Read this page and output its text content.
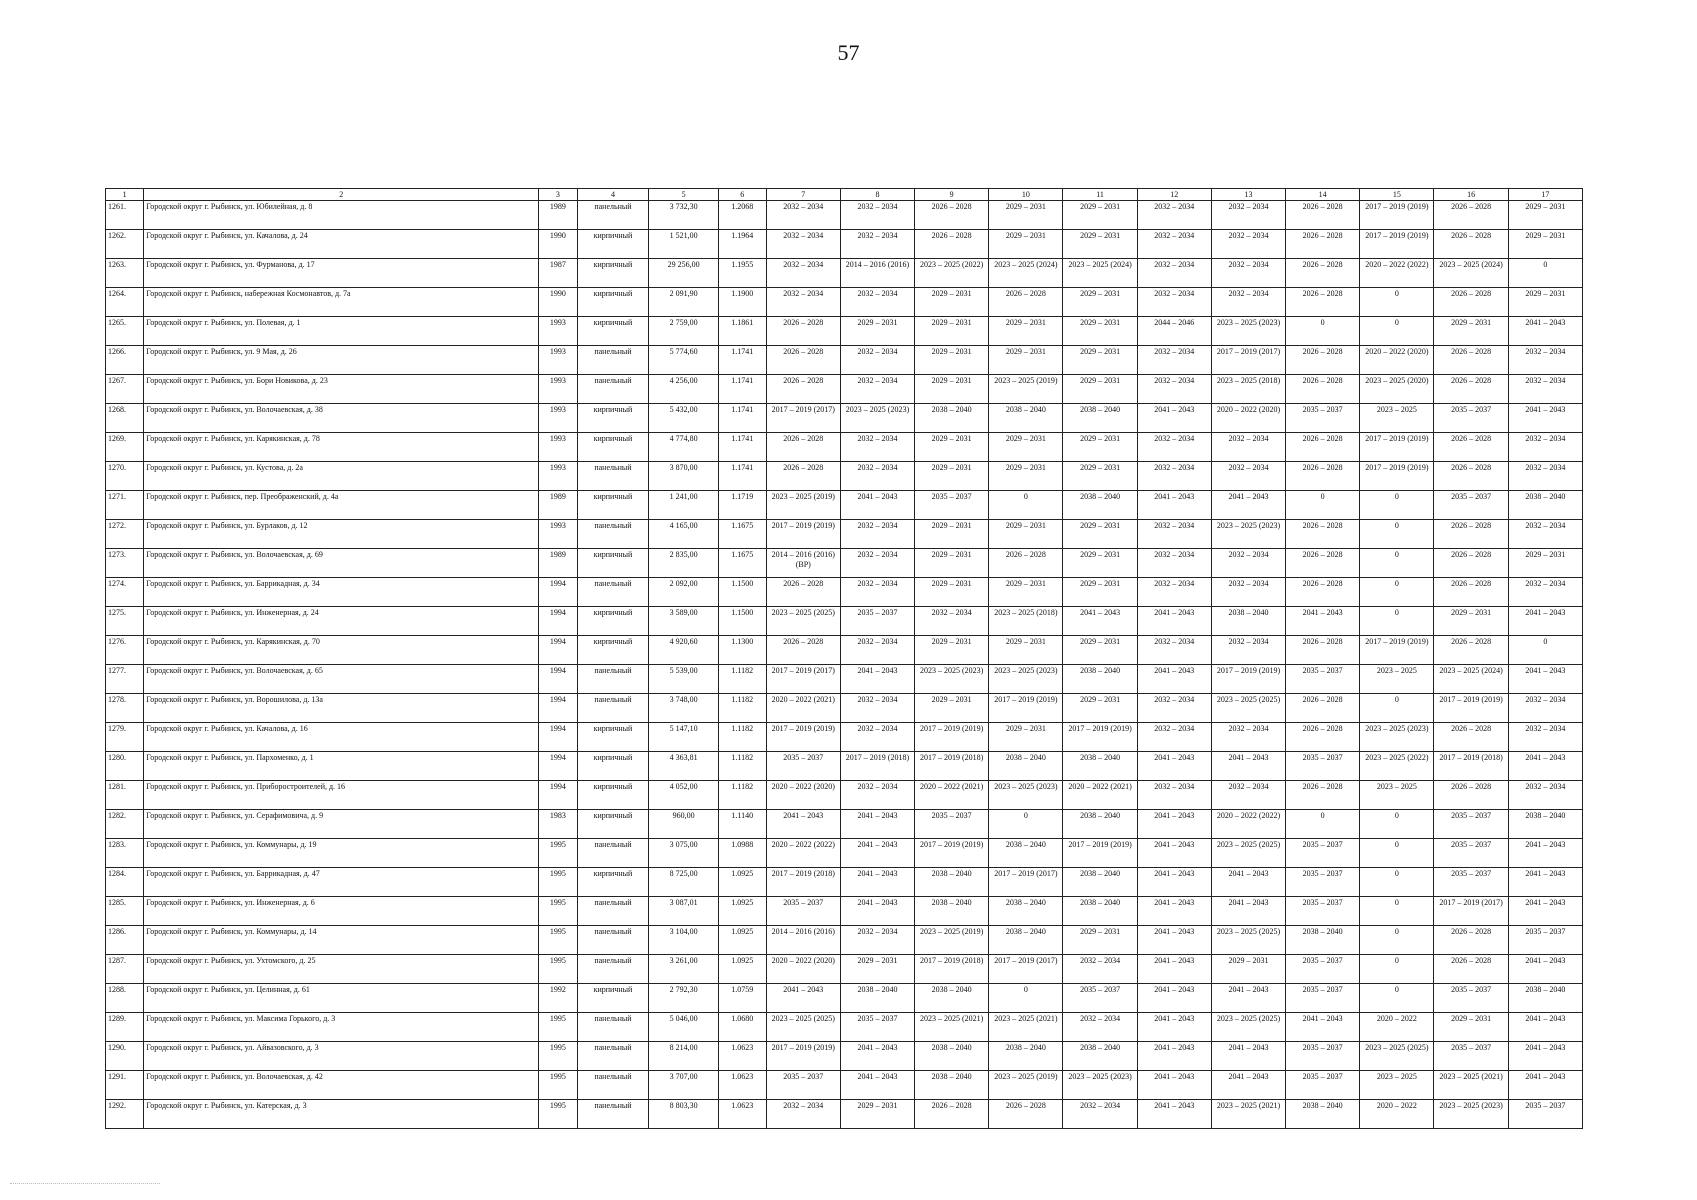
57
1	2	3	4	5	6	7	8	9	10	11	12	13	14	15	16	17
1261.	Городской округ г. Рыбинск, ул. Юбилейная, д. 8	1989	панельный	3 732,30	1.2068	2032 – 2034	2032 – 2034	2026 – 2028	2029 – 2031	2029 – 2031	2032 – 2034	2032 – 2034	2026 – 2028	2017 – 2019 (2019)	2026 – 2028	2029 – 2031
1262.	Городской округ г. Рыбинск, ул. Качалова, д. 24	1990	кирпичный	1 521,00	1.1964	2032 – 2034	2032 – 2034	2026 – 2028	2029 – 2031	2029 – 2031	2032 – 2034	2032 – 2034	2026 – 2028	2017 – 2019 (2019)	2026 – 2028	2029 – 2031
1263.	Городской округ г. Рыбинск, ул. Фурманова, д. 17	1987	кирпичный	29 256,00	1.1955	2032 – 2034	2014 – 2016 (2016)	2023 – 2025 (2022)	2023 – 2025 (2024)	2023 – 2025 (2024)	2032 – 2034	2032 – 2034	2026 – 2028	2020 – 2022 (2022)	2023 – 2025 (2024)	0
1264.	Городской округ г. Рыбинск, набережная Космонавтов, д. 7а	1990	кирпичный	2 091,90	1.1900	2032 – 2034	2032 – 2034	2029 – 2031	2026 – 2028	2029 – 2031	2032 – 2034	2032 – 2034	2026 – 2028	0	2026 – 2028	2029 – 2031
1265.	Городской округ г. Рыбинск, ул. Полевая, д. 1	1993	кирпичный	2 759,00	1.1861	2026 – 2028	2029 – 2031	2029 – 2031	2029 – 2031	2029 – 2031	2044 – 2046	2023 – 2025 (2023)	0	0	2029 – 2031	2041 – 2043
1266.	Городской округ г. Рыбинск, ул. 9 Мая, д. 26	1993	панельный	5 774,60	1.1741	2026 – 2028	2032 – 2034	2029 – 2031	2029 – 2031	2029 – 2031	2032 – 2034	2017 – 2019 (2017)	2026 – 2028	2020 – 2022 (2020)	2026 – 2028	2032 – 2034
1267.	Городской округ г. Рыбинск, ул. Бори Новикова, д. 23	1993	панельный	4 256,00	1.1741	2026 – 2028	2032 – 2034	2029 – 2031	2023 – 2025 (2019)	2029 – 2031	2032 – 2034	2023 – 2025 (2018)	2026 – 2028	2023 – 2025 (2020)	2026 – 2028	2032 – 2034
1268.	Городской округ г. Рыбинск, ул. Волочаевская, д. 38	1993	кирпичный	5 432,00	1.1741	2017 – 2019 (2017)	2023 – 2025 (2023)	2038 – 2040	2038 – 2040	2038 – 2040	2041 – 2043	2020 – 2022 (2020)	2035 – 2037	2023 – 2025	2035 – 2037	2041 – 2043
1269.	Городской округ г. Рыбинск, ул. Карякинская, д. 78	1993	кирпичный	4 774,80	1.1741	2026 – 2028	2032 – 2034	2029 – 2031	2029 – 2031	2029 – 2031	2032 – 2034	2032 – 2034	2026 – 2028	2017 – 2019 (2019)	2026 – 2028	2032 – 2034
1270.	Городской округ г. Рыбинск, ул. Кустова, д. 2а	1993	панельный	3 870,00	1.1741	2026 – 2028	2032 – 2034	2029 – 2031	2029 – 2031	2029 – 2031	2032 – 2034	2032 – 2034	2026 – 2028	2017 – 2019 (2019)	2026 – 2028	2032 – 2034
1271.	Городской округ г. Рыбинск, пер. Преображенский, д. 4а	1989	кирпичный	1 241,00	1.1719	2023 – 2025 (2019)	2041 – 2043	2035 – 2037	0	2038 – 2040	2041 – 2043	2041 – 2043	0	0	2035 – 2037	2038 – 2040
1272.	Городской округ г. Рыбинск, ул. Бурлаков, д. 12	1993	панельный	4 165,00	1.1675	2017 – 2019 (2019)	2032 – 2034	2029 – 2031	2029 – 2031	2029 – 2031	2032 – 2034	2023 – 2025 (2023)	2026 – 2028	0	2026 – 2028	2032 – 2034
1273.	Городской округ г. Рыбинск, ул. Волочаевская, д. 69	1989	кирпичный	2 835,00	1.1675	2014 – 2016 (2016) (ВР)	2032 – 2034	2029 – 2031	2026 – 2028	2029 – 2031	2032 – 2034	2032 – 2034	2026 – 2028	0	2026 – 2028	2029 – 2031
1274.	Городской округ г. Рыбинск, ул. Баррикадная, д. 34	1994	панельный	2 092,00	1.1500	2026 – 2028	2032 – 2034	2029 – 2031	2029 – 2031	2029 – 2031	2032 – 2034	2032 – 2034	2026 – 2028	0	2026 – 2028	2032 – 2034
1275.	Городской округ г. Рыбинск, ул. Инженерная, д. 24	1994	кирпичный	3 589,00	1.1500	2023 – 2025 (2025)	2035 – 2037	2032 – 2034	2023 – 2025 (2018)	2041 – 2043	2041 – 2043	2038 – 2040	2041 – 2043	0	2029 – 2031	2041 – 2043
1276.	Городской округ г. Рыбинск, ул. Карякинская, д. 70	1994	кирпичный	4 920,60	1.1300	2026 – 2028	2032 – 2034	2029 – 2031	2029 – 2031	2029 – 2031	2032 – 2034	2032 – 2034	2026 – 2028	2017 – 2019 (2019)	2026 – 2028	0
1277.	Городской округ г. Рыбинск, ул. Волочаевская, д. 65	1994	панельный	5 539,00	1.1182	2017 – 2019 (2017)	2041 – 2043	2023 – 2025 (2023)	2023 – 2025 (2023)	2038 – 2040	2041 – 2043	2017 – 2019 (2019)	2035 – 2037	2023 – 2025	2023 – 2025 (2024)	2041 – 2043
1278.	Городской округ г. Рыбинск, ул. Ворошилова, д. 13а	1994	панельный	3 748,00	1.1182	2020 – 2022 (2021)	2032 – 2034	2029 – 2031	2017 – 2019 (2019)	2029 – 2031	2032 – 2034	2023 – 2025 (2025)	2026 – 2028	0	2017 – 2019 (2019)	2032 – 2034
1279.	Городской округ г. Рыбинск, ул. Качалова, д. 16	1994	кирпичный	5 147,10	1.1182	2017 – 2019 (2019)	2032 – 2034	2017 – 2019 (2019)	2029 – 2031	2017 – 2019 (2019)	2032 – 2034	2032 – 2034	2026 – 2028	2023 – 2025 (2023)	2026 – 2028	2032 – 2034
1280.	Городской округ г. Рыбинск, ул. Пархоменко, д. 1	1994	кирпичный	4 363,81	1.1182	2035 – 2037	2017 – 2019 (2018)	2017 – 2019 (2018)	2038 – 2040	2038 – 2040	2041 – 2043	2041 – 2043	2035 – 2037	2023 – 2025 (2022)	2017 – 2019 (2018)	2041 – 2043
1281.	Городской округ г. Рыбинск, ул. Приборостроителей, д. 16	1994	кирпичный	4 052,00	1.1182	2020 – 2022 (2020)	2032 – 2034	2020 – 2022 (2021)	2023 – 2025 (2023)	2020 – 2022 (2021)	2032 – 2034	2032 – 2034	2026 – 2028	2023 – 2025	2026 – 2028	2032 – 2034
1282.	Городской округ г. Рыбинск, ул. Серафимовича, д. 9	1983	кирпичный	960,00	1.1140	2041 – 2043	2041 – 2043	2035 – 2037	0	2038 – 2040	2041 – 2043	2020 – 2022 (2022)	0	0	2035 – 2037	2038 – 2040
1283.	Городской округ г. Рыбинск, ул. Коммунары, д. 19	1995	панельный	3 075,00	1.0988	2020 – 2022 (2022)	2041 – 2043	2017 – 2019 (2019)	2038 – 2040	2017 – 2019 (2019)	2041 – 2043	2023 – 2025 (2025)	2035 – 2037	0	2035 – 2037	2041 – 2043
1284.	Городской округ г. Рыбинск, ул. Баррикадная, д. 47	1995	кирпичный	8 725,00	1.0925	2017 – 2019 (2018)	2041 – 2043	2038 – 2040	2017 – 2019 (2017)	2038 – 2040	2041 – 2043	2041 – 2043	2035 – 2037	0	2035 – 2037	2041 – 2043
1285.	Городской округ г. Рыбинск, ул. Инженерная, д. 6	1995	панельный	3 087,01	1.0925	2035 – 2037	2041 – 2043	2038 – 2040	2038 – 2040	2038 – 2040	2041 – 2043	2041 – 2043	2035 – 2037	0	2017 – 2019 (2017)	2041 – 2043
1286.	Городской округ г. Рыбинск, ул. Коммунары, д. 14	1995	панельный	3 104,00	1.0925	2014 – 2016 (2016)	2032 – 2034	2023 – 2025 (2019)	2038 – 2040	2029 – 2031	2041 – 2043	2023 – 2025 (2025)	2038 – 2040	0	2026 – 2028	2035 – 2037
1287.	Городской округ г. Рыбинск, ул. Ухтомского, д. 25	1995	панельный	3 261,00	1.0925	2020 – 2022 (2020)	2029 – 2031	2017 – 2019 (2018)	2017 – 2019 (2017)	2032 – 2034	2041 – 2043	2029 – 2031	2035 – 2037	0	2026 – 2028	2041 – 2043
1288.	Городской округ г. Рыбинск, ул. Целинная, д. 61	1992	кирпичный	2 792,30	1.0759	2041 – 2043	2038 – 2040	2038 – 2040	0	2035 – 2037	2041 – 2043	2041 – 2043	2035 – 2037	0	2035 – 2037	2038 – 2040
1289.	Городской округ г. Рыбинск, ул. Максима Горького, д. 3	1995	панельный	5 046,00	1.0680	2023 – 2025 (2025)	2035 – 2037	2023 – 2025 (2021)	2023 – 2025 (2021)	2032 – 2034	2041 – 2043	2023 – 2025 (2025)	2041 – 2043	2020 – 2022	2029 – 2031	2041 – 2043
1290.	Городской округ г. Рыбинск, ул. Айвазовского, д. 3	1995	панельный	8 214,00	1.0623	2017 – 2019 (2019)	2041 – 2043	2038 – 2040	2038 – 2040	2038 – 2040	2041 – 2043	2041 – 2043	2035 – 2037	2023 – 2025 (2025)	2035 – 2037	2041 – 2043
1291.	Городской округ г. Рыбинск, ул. Волочаевская, д. 42	1995	панельный	3 707,00	1.0623	2035 – 2037	2041 – 2043	2038 – 2040	2023 – 2025 (2019)	2023 – 2025 (2023)	2041 – 2043	2041 – 2043	2035 – 2037	2023 – 2025	2023 – 2025 (2021)	2041 – 2043
1292.	Городской округ г. Рыбинск, ул. Катерская, д. 3	1995	панельный	8 803,30	1.0623	2032 – 2034	2029 – 2031	2026 – 2028	2026 – 2028	2032 – 2034	2041 – 2043	2023 – 2025 (2021)	2038 – 2040	2020 – 2022	2023 – 2025 (2023)	2035 – 2037
